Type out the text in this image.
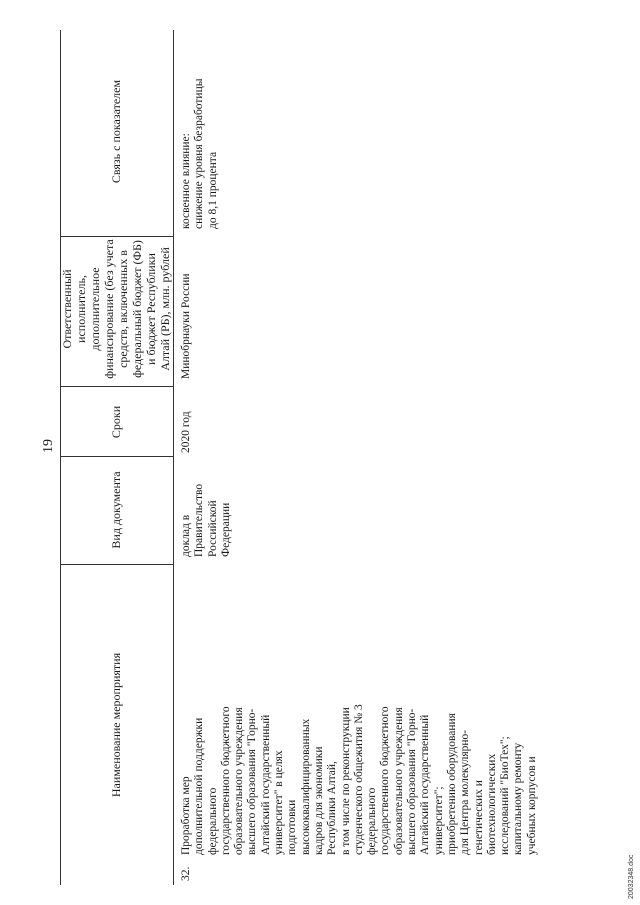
19
Наименование мероприятия
Вид документа
Сроки
Ответственный исполнитель, дополнительное финансирование (без учета средств, включенных в федеральный бюджет (ФБ) и бюджет Республики Алтай (РБ), млн. рублей
Связь с показателем
32.
Проработка мер
дополнительной поддержки
федерального
государственного бюджетного
образовательного учреждения
высшего образования "Горно-
Алтайский государственный
университет" в целях
подготовки
высококвалифицированных
кадров для экономики
Республики Алтай,
в том числе по реконструкции
студенческого общежития № 3
федерального
государственного бюджетного
образовательного учреждения
высшего образования "Горно-
Алтайский государственный
университет";
приобретению оборудования
для Центра молекулярно-
генетических и
биотехнологических
исследований "БиоТех";
капитальному ремонту
учебных корпусов и
доклад в
Правительство
Российской
Федерации
2020 год
Минобрнауки России
косвенное влияние:
снижение уровня безработицы
до 8,1 процента
20032348.doc
